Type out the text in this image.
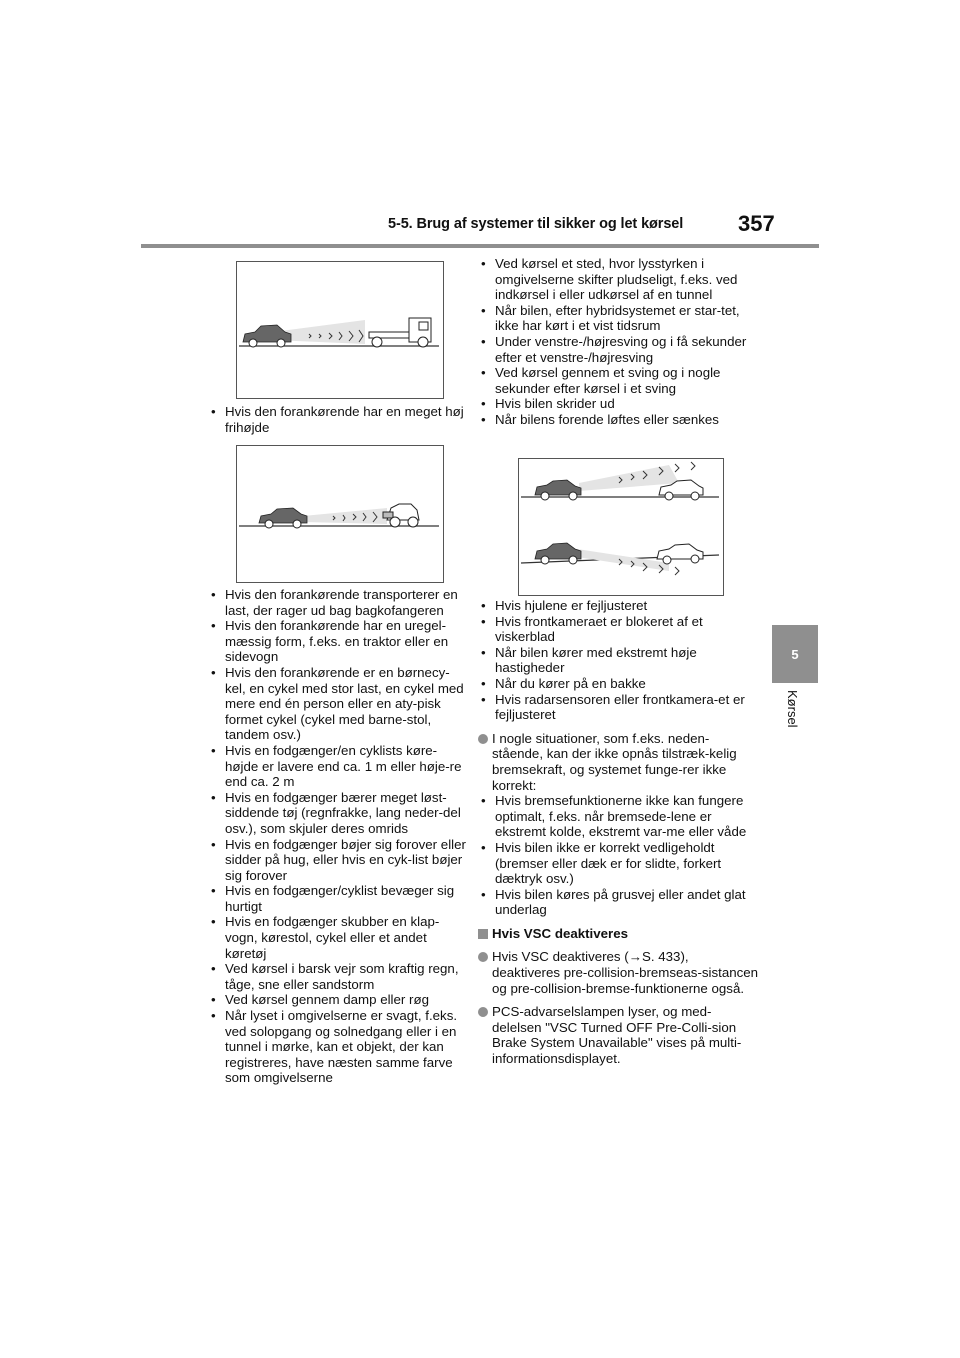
5-5. Brug af systemer til sikker og let kørsel 357
5
Kørsel
• Hvis den forankørende har en meget høj frihøjde
• Hvis den forankørende transporterer en last, der rager ud bag bagkofangeren
• Hvis den forankørende har en uregel-mæssig form, f.eks. en traktor eller en sidevogn
• Hvis den forankørende er en børnecy-kel, en cykel med stor last, en cykel med mere end én person eller en aty-pisk formet cykel (cykel med barne-stol, tandem osv.)
• Hvis en fodgænger/en cyklists køre-højde er lavere end ca. 1 m eller høje-re end ca. 2 m
• Hvis en fodgænger bærer meget løst-siddende tøj (regnfrakke, lang neder-del osv.), som skjuler deres omrids
• Hvis en fodgænger bøjer sig forover eller sidder på hug, eller hvis en cyk-list bøjer sig forover
• Hvis en fodgænger/cyklist bevæger sig hurtigt
• Hvis en fodgænger skubber en klap-vogn, kørestol, cykel eller et andet køretøj
• Ved kørsel i barsk vejr som kraftig regn, tåge, sne eller sandstorm
• Ved kørsel gennem damp eller røg
• Når lyset i omgivelserne er svagt, f.eks. ved solopgang og solnedgang eller i en tunnel i mørke, kan et objekt, der kan registreres, have næsten samme farve som omgivelserne
• Ved kørsel et sted, hvor lysstyrken i omgivelserne skifter pludseligt, f.eks. ved indkørsel i eller udkørsel af en tunnel
• Når bilen, efter hybridsystemet er star-tet, ikke har kørt i et vist tidsrum
• Under venstre-/højresving og i få sekunder efter et venstre-/højresving
• Ved kørsel gennem et sving og i nogle sekunder efter kørsel i et sving
• Hvis bilen skrider ud
• Når bilens forende løftes eller sænkes
• Hvis hjulene er fejljusteret
• Hvis frontkameraet er blokeret af et viskerblad
• Når bilen kører med ekstremt høje hastigheder
• Når du kører på en bakke
• Hvis radarsensoren eller frontkamera-et er fejljusteret
I nogle situationer, som f.eks. neden-stående, kan der ikke opnås tilstræk-kelig bremsekraft, og systemet funge-rer ikke korrekt:
• Hvis bremsefunktionerne ikke kan fungere optimalt, f.eks. når bremsede-lene er ekstremt kolde, ekstremt var-me eller våde
• Hvis bilen ikke er korrekt vedligeholdt (bremser eller dæk er for slidte, forkert dæktryk osv.)
• Hvis bilen køres på grusvej eller andet glat underlag
Hvis VSC deaktiveres
Hvis VSC deaktiveres (→S. 433), deaktiveres pre-collision-bremseas-sistancen og pre-collision-bremse-funktionerne også.
PCS-advarselslampen lyser, og med-delelsen "VSC Turned OFF Pre-Colli-sion Brake System Unavailable" vises på multi-informationsdisplayet.
